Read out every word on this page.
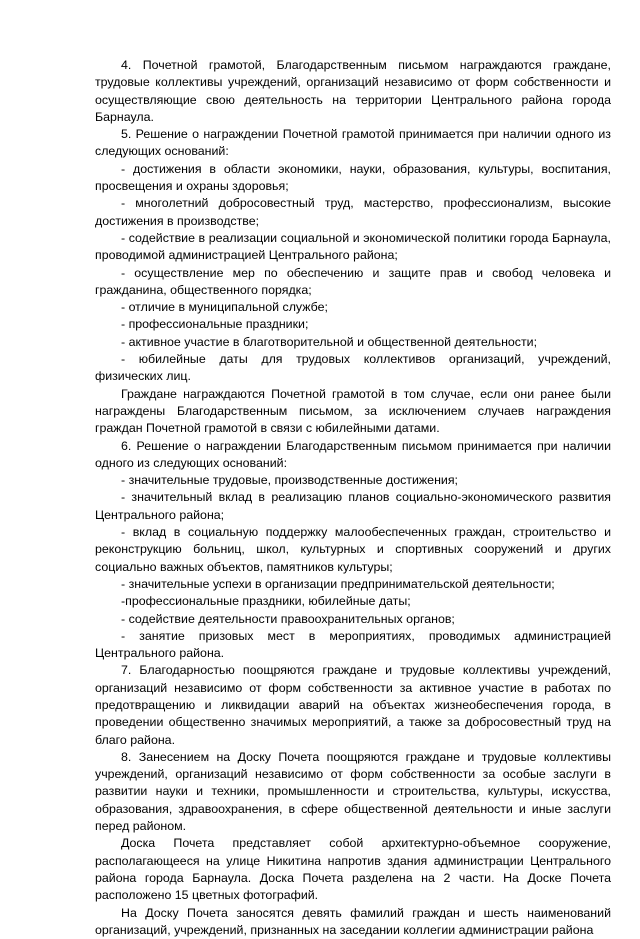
4. Почетной грамотой, Благодарственным письмом награждаются граждане, трудовые коллективы учреждений, организаций независимо от форм собственности и осуществляющие свою деятельность на территории Центрального района города Барнаула.

5. Решение о награждении Почетной грамотой принимается при наличии одного из следующих оснований:

- достижения в области экономики, науки, образования, культуры, воспитания, просвещения и охраны здоровья;

- многолетний добросовестный труд, мастерство, профессионализм, высокие достижения в производстве;

- содействие в реализации социальной и экономической политики города Барнаула, проводимой администрацией Центрального района;

- осуществление мер по обеспечению и защите прав и свобод человека и гражданина, общественного порядка;

- отличие в муниципальной службе;

- профессиональные праздники;

- активное участие в благотворительной и общественной деятельности;

- юбилейные даты для трудовых коллективов организаций, учреждений, физических лиц.

Граждане награждаются Почетной грамотой в том случае, если они ранее были награждены Благодарственным письмом, за исключением случаев награждения граждан Почетной грамотой в связи с юбилейными датами.

6. Решение о награждении Благодарственным письмом принимается при наличии одного из следующих оснований:

- значительные трудовые, производственные достижения;

- значительный вклад в реализацию планов социально-экономического развития Центрального района;

- вклад в социальную поддержку малообеспеченных граждан, строительство и реконструкцию больниц, школ, культурных и спортивных сооружений и других социально важных объектов, памятников культуры;

- значительные успехи в организации предпринимательской деятельности;

-профессиональные праздники, юбилейные даты;

- содействие деятельности правоохранительных органов;

- занятие призовых мест в мероприятиях, проводимых администрацией Центрального района.

7. Благодарностью поощряются граждане и трудовые коллективы учреждений, организаций независимо от форм собственности за активное участие в работах по предотвращению и ликвидации аварий на объектах жизнеобеспечения города, в проведении общественно значимых мероприятий, а также за добросовестный труд на благо района.

8. Занесением на Доску Почета поощряются граждане и трудовые коллективы учреждений, организаций независимо от форм собственности за особые заслуги в развитии науки и техники, промышленности и строительства, культуры, искусства, образования, здравоохранения, в сфере общественной деятельности и иные заслуги перед районом.

Доска Почета представляет собой архитектурно-объемное сооружение, располагающееся на улице Никитина напротив здания администрации Центрального района города Барнаула. Доска Почета разделена на 2 части. На Доске Почета расположено 15 цветных фотографий.

На Доску Почета заносятся девять фамилий граждан и шесть наименований организаций, учреждений, признанных на заседании коллегии администрации района
